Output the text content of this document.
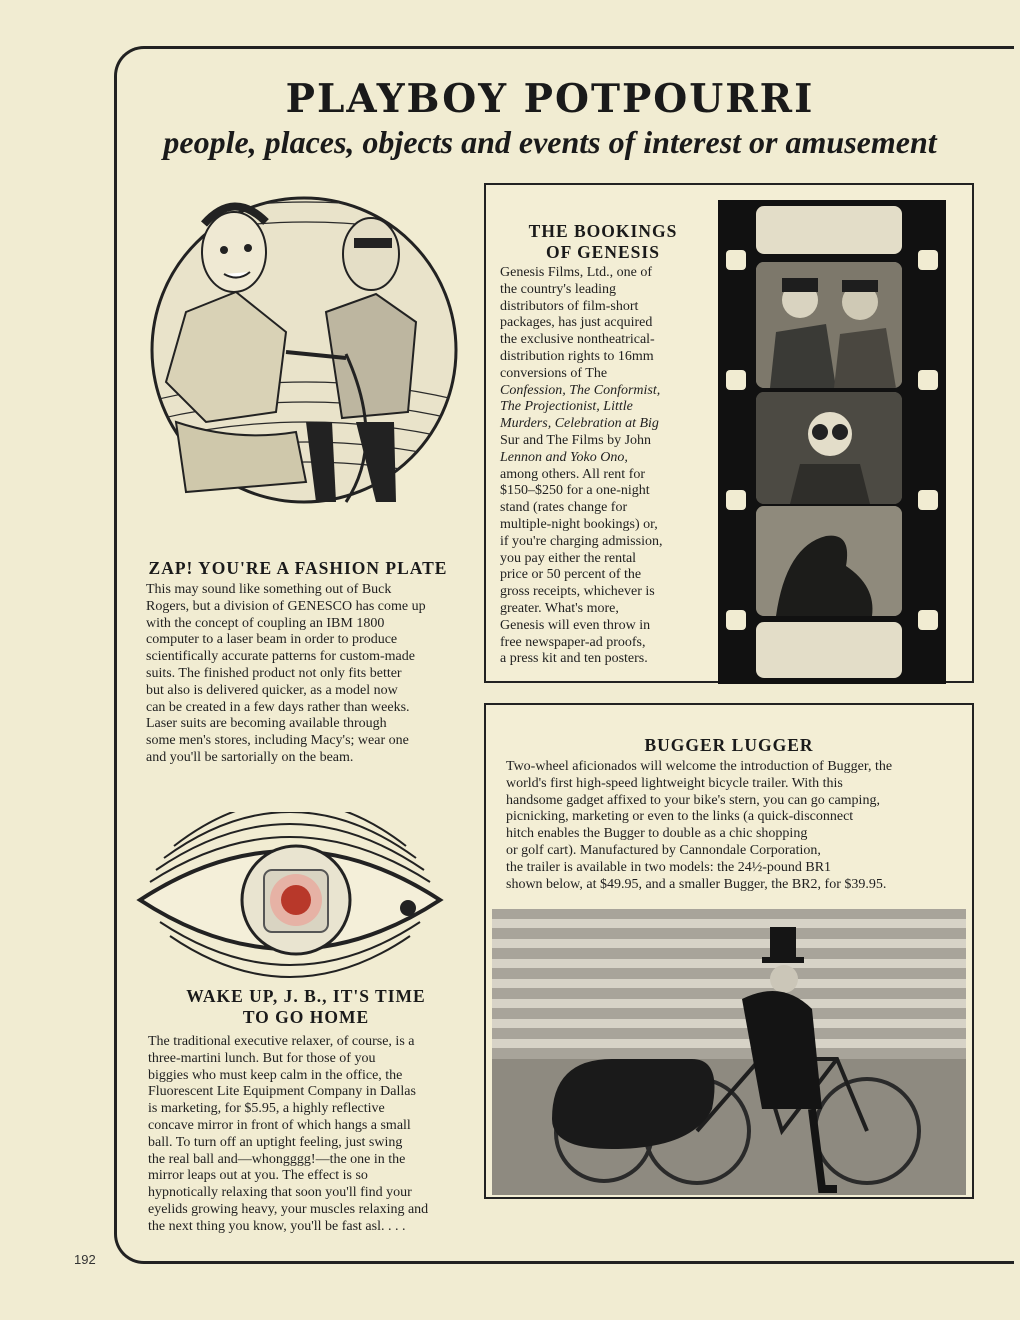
PLAYBOY POTPOURRI
people, places, objects and events of interest or amusement
ZAP! YOU'RE A FASHION PLATE

This may sound like something out of Buck

Rogers, but a division of GENESCO has come up

with the concept of coupling an IBM 1800

computer to a laser beam in order to produce

scientifically accurate patterns for custom-made

suits. The finished product not only fits better

but also is delivered quicker, as a model now

can be created in a few days rather than weeks.

Laser suits are becoming available through

some men's stores, including Macy's; wear one

and you'll be sartorially on the beam.

THE BOOKINGS
OF GENESIS

Genesis Films, Ltd., one of

the country's leading

distributors of film-short

packages, has just acquired

the exclusive nontheatrical-

distribution rights to 16mm

conversions of The

Confession, The Conformist,

The Projectionist, Little

Murders, Celebration at Big

Sur and The Films by John

Lennon and Yoko Ono,

among others. All rent for

$150–$250 for a one-night

stand (rates change for

multiple-night bookings) or,

if you're charging admission,

you pay either the rental

price or 50 percent of the

gross receipts, whichever is

greater. What's more,

Genesis will even throw in

free newspaper-ad proofs,

a press kit and ten posters.

BUGGER LUGGER

Two-wheel aficionados will welcome the introduction of Bugger, the

world's first high-speed lightweight bicycle trailer. With this

handsome gadget affixed to your bike's stern, you can go camping,

picnicking, marketing or even to the links (a quick-disconnect

hitch enables the Bugger to double as a chic shopping

or golf cart). Manufactured by Cannondale Corporation,

the trailer is available in two models: the 24½-pound BR1

shown below, at $49.95, and a smaller Bugger, the BR2, for $39.95.

WAKE UP, J. B., IT'S TIME
TO GO HOME

The traditional executive relaxer, of course, is a

three-martini lunch. But for those of you

biggies who must keep calm in the office, the

Fluorescent Lite Equipment Company in Dallas

is marketing, for $5.95, a highly reflective

concave mirror in front of which hangs a small

ball. To turn off an uptight feeling, just swing

the real ball and—whongggg!—the one in the

mirror leaps out at you. The effect is so

hypnotically relaxing that soon you'll find your

eyelids growing heavy, your muscles relaxing and

the next thing you know, you'll be fast asl. . . .

192
